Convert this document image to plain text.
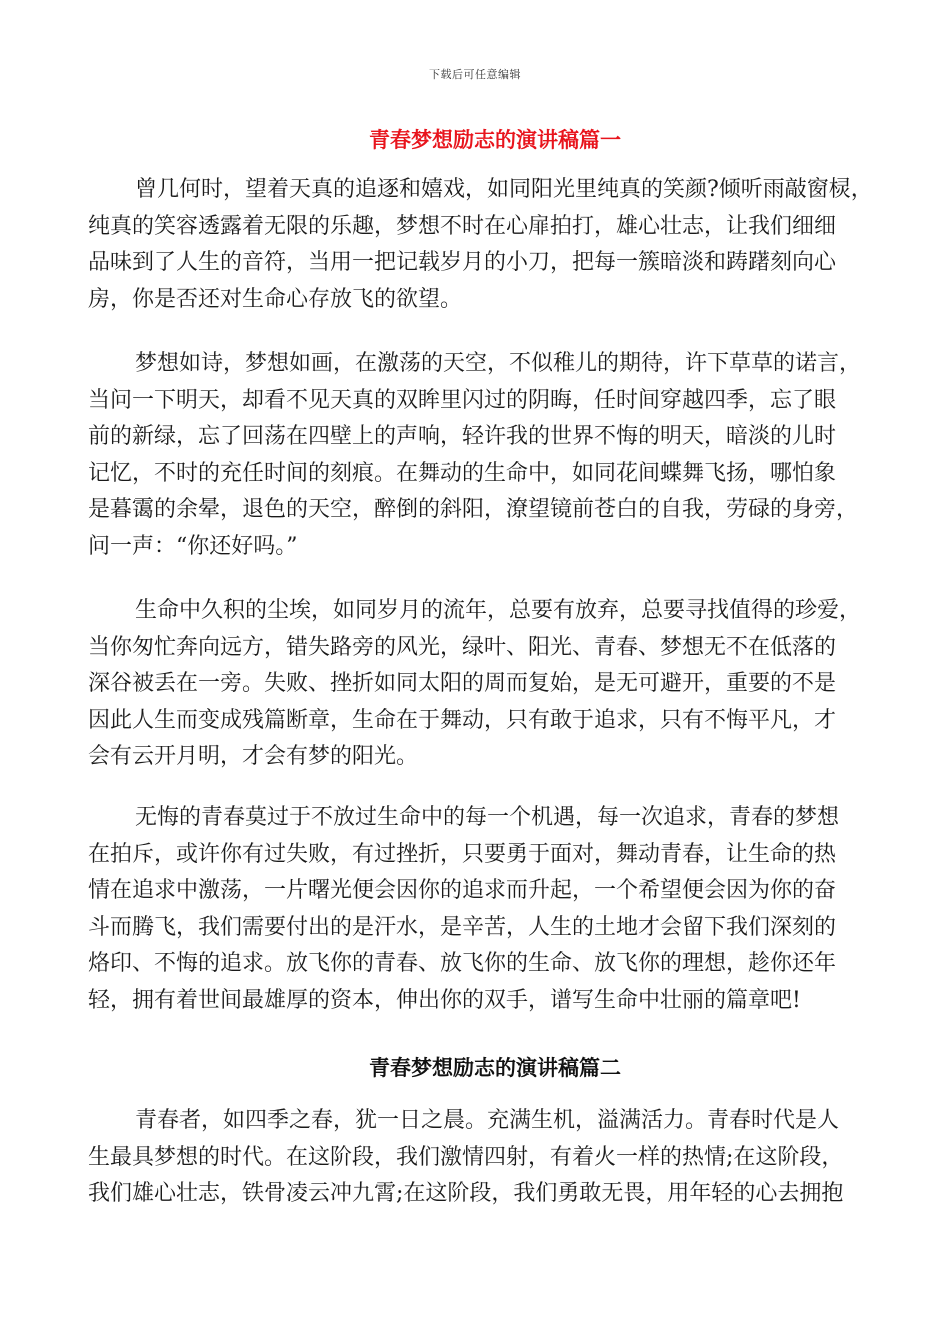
下载后可任意编辑
青春梦想励志的演讲稿篇一
曾几何时，望着天真的追逐和嬉戏，如同阳光里纯真的笑颜?倾听雨敲窗棂，
纯真的笑容透露着无限的乐趣，梦想不时在心扉拍打，雄心壮志，让我们细细
品味到了人生的音符，当用一把记载岁月的小刀，把每一簇暗淡和踌躇刻向心
房，你是否还对生命心存放飞的欲望。
梦想如诗，梦想如画，在激荡的天空，不似稚儿的期待，许下草草的诺言，
当问一下明天，却看不见天真的双眸里闪过的阴晦，任时间穿越四季，忘了眼
前的新绿，忘了回荡在四壁上的声响，轻许我的世界不悔的明天，暗淡的儿时
记忆，不时的充任时间的刻痕。在舞动的生命中，如同花间蝶舞飞扬，哪怕象
是暮霭的余晕，退色的天空，醉倒的斜阳，潦望镜前苍白的自我，劳碌的身旁，
问一声：“你还好吗。”
生命中久积的尘埃，如同岁月的流年，总要有放弃，总要寻找值得的珍爱，
当你匆忙奔向远方，错失路旁的风光，绿叶、阳光、青春、梦想无不在低落的
深谷被丢在一旁。失败、挫折如同太阳的周而复始，是无可避开，重要的不是
因此人生而变成残篇断章，生命在于舞动，只有敢于追求，只有不悔平凡，才
会有云开月明，才会有梦的阳光。
无悔的青春莫过于不放过生命中的每一个机遇，每一次追求，青春的梦想
在拍斥，或许你有过失败，有过挫折，只要勇于面对，舞动青春，让生命的热
情在追求中激荡，一片曙光便会因你的追求而升起，一个希望便会因为你的奋
斗而腾飞，我们需要付出的是汗水，是辛苦，人生的土地才会留下我们深刻的
烙印、不悔的追求。放飞你的青春、放飞你的生命、放飞你的理想，趁你还年
轻，拥有着世间最雄厚的资本，伸出你的双手，谱写生命中壮丽的篇章吧!
青春梦想励志的演讲稿篇二
青春者，如四季之春，犹一日之晨。充满生机，溢满活力。青春时代是人
生最具梦想的时代。在这阶段，我们激情四射，有着火一样的热情;在这阶段，
我们雄心壮志，铁骨凌云冲九霄;在这阶段，我们勇敢无畏，用年轻的心去拥抱
